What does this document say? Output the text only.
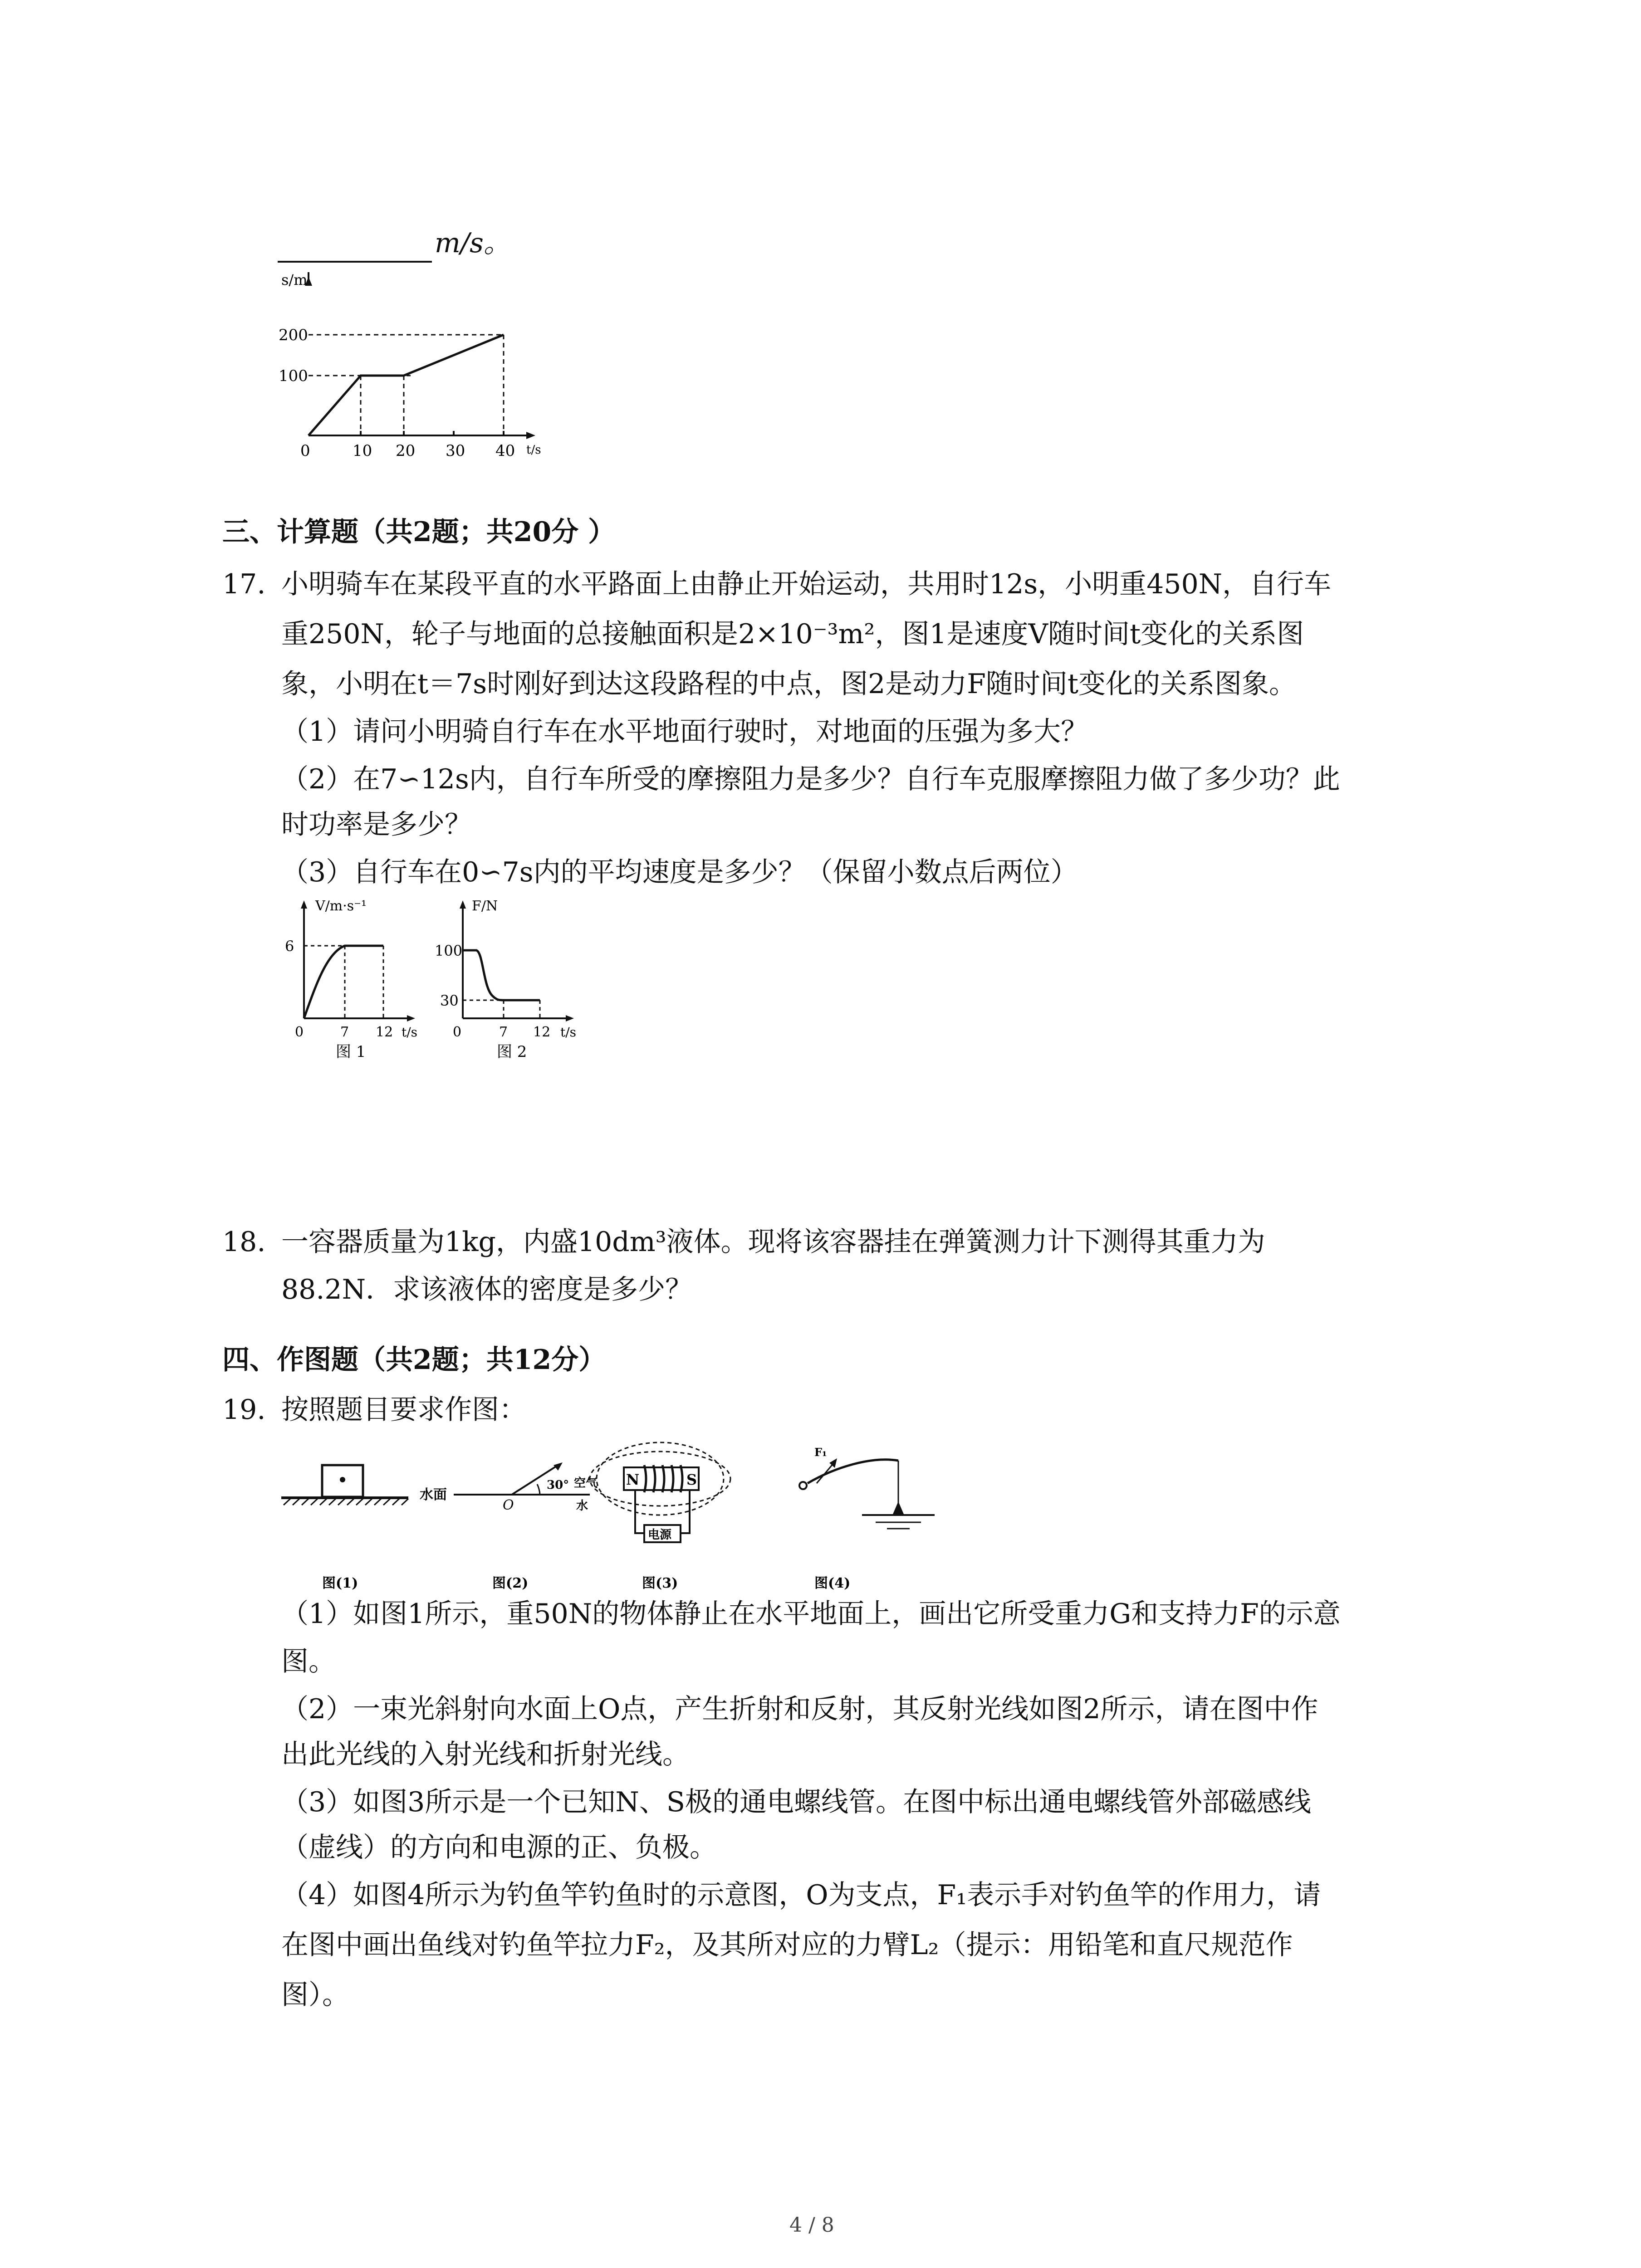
m/s。
s/m
t/s
200
100
0	10 20 30 40
三、计算题（共2题；共20分 ）
17. 小明骑车在某段平直的水平路面上由静止开始运动，共用时12s，小明重450N，自行车
重250N，轮子与地面的总接触面积是2×10⁻³m²，图1是速度V随时间t变化的关系图
象，小明在t＝7s时刚好到达这段路程的中点，图2是动力F随时间t变化的关系图象。
（1）请问小明骑自行车在水平地面行驶时，对地面的压强为多大？
（2）在7∽12s内，自行车所受的摩擦阻力是多少？自行车克服摩擦阻力做了多少功？此
时功率是多少？
（3）自行车在0∽7s内的平均速度是多少？（保留小数点后两位）
V/m·s⁻¹
6
0	7 12 t/s
图 1
F/N
100
30
0	7 12 t/s
图 2
18. 一容器质量为1kg，内盛10dm³液体。现将该容器挂在弹簧测力计下测得其重力为
88.2N．求该液体的密度是多少？
四、作图题（共2题；共12分）
19. 按照题目要求作图：
图(1)
水面
30°
O
空气
水
图(2)
N	S
电源
图(3)
F₁
图(4)
（1）如图1所示，重50N的物体静止在水平地面上，画出它所受重力G和支持力F的示意
图。
（2）一束光斜射向水面上O点，产生折射和反射，其反射光线如图2所示，请在图中作
出此光线的入射光线和折射光线。
（3）如图3所示是一个已知N、S极的通电螺线管。在图中标出通电螺线管外部磁感线
（虚线）的方向和电源的正、负极。
（4）如图4所示为钓鱼竿钓鱼时的示意图，O为支点，F₁表示手对钓鱼竿的作用力，请
在图中画出鱼线对钓鱼竿拉力F₂，及其所对应的力臂L₂（提示：用铅笔和直尺规范作
图）。
4 / 8
